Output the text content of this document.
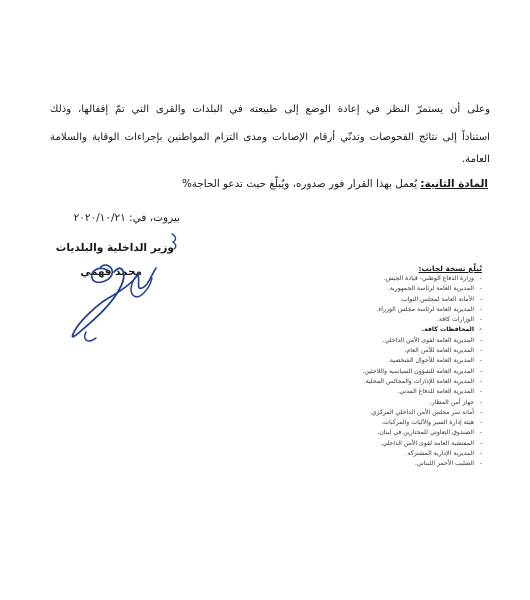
وعلى أن يستمرّ النظر في إعادة الوضع إلى طبيعته في البلدات والقرى التي تمّ إقفالها، وذلك
استناداً إلى نتائج الفحوصات وتدنّي أرقام الإصابات ومدى التزام المواطنين بإجراءات الوقاية والسلامة
العامة.
المادة الثانية: يُعمل بهذا القرار فور صدوره، ويُبلّغ حيث تدعو الحاجة%
بيروت، في: ٢٠٢٠/١٠/٢١
وزير الداخلية والبلديات
محمد فهمي	تُبلّغ نسخة لجانب:
- وزارة الدفاع الوطني- قيادة الجيش.
- المديرية العامة لرئاسة الجمهورية.
- الأمانة العامة لمجلس النواب.
- المديرية العامة لرئاسة مجلس الوزراء.
- الوزارات كافة.
- المحافظات كافة.
- المديرية العامة لقوى الأمن الداخلي.
- المديرية العامة للأمن العام.
- المديرية العامة للأحوال الشخصية.
- المديرية العامة للشؤون السياسية واللاجئين.
- المديرية العامة للإدارات والمجالس المحلية.
- المديرية العامة للدفاع المدني.
- جهاز أمن المطار.
- أمانة سر مجلس الأمن الداخلي المركزي.
- هيئة إدارة السير والآليات والمركبات.
- الصندوق التعاوني للمختارين في لبنان.
- المفتشية العامة لقوى الأمن الداخلي.
- المديرية الإدارية المشتركة.
- الصليب الأحمر اللبناني.
